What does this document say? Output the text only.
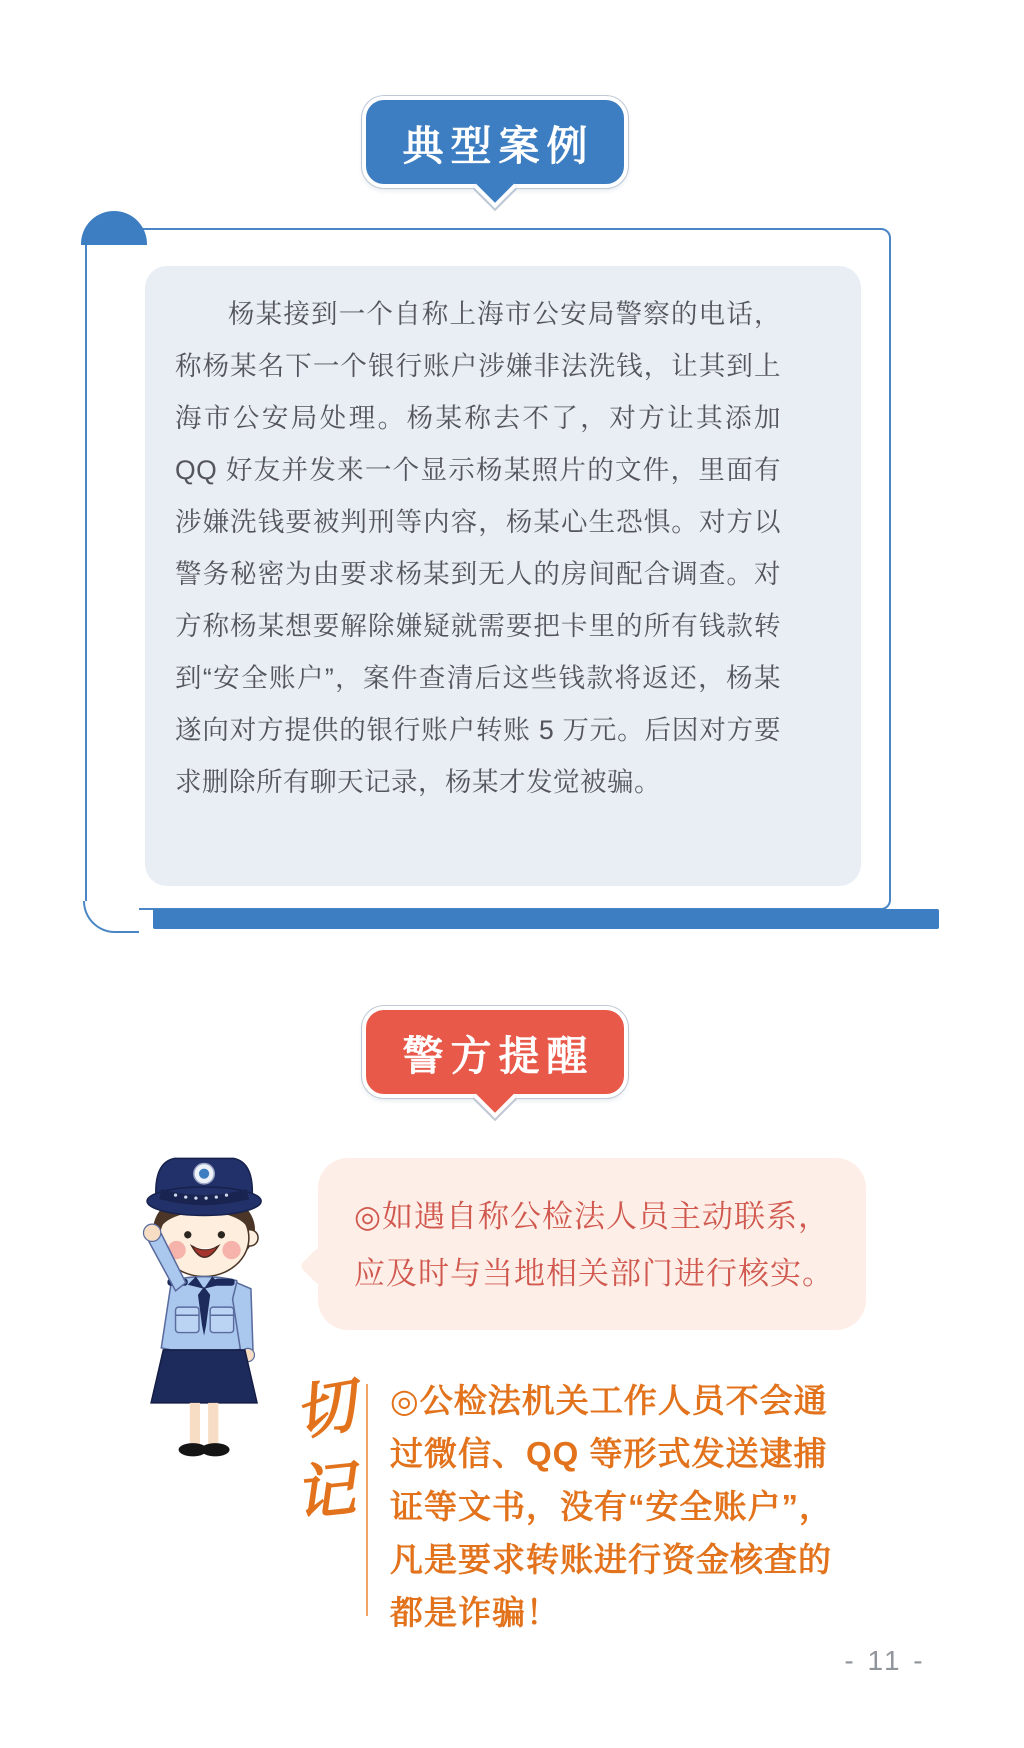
典型案例
杨某接到一个自称上海市公安局警察的电话，称杨某名下一个银行账户涉嫌非法洗钱，让其到上海市公安局处理。杨某称去不了，对方让其添加 QQ 好友并发来一个显示杨某照片的文件，里面有涉嫌洗钱要被判刑等内容，杨某心生恐惧。对方以警务秘密为由要求杨某到无人的房间配合调查。对方称杨某想要解除嫌疑就需要把卡里的所有钱款转到“安全账户”，案件查清后这些钱款将返还，杨某遂向对方提供的银行账户转账 5 万元。后因对方要求删除所有聊天记录，杨某才发觉被骗。
警方提醒
◎如遇自称公检法人员主动联系，
应及时与当地相关部门进行核实。
切
记
◎公检法机关工作人员不会通
过微信、QQ 等形式发送逮捕
证等文书，没有“安全账户”，
凡是要求转账进行资金核查的
都是诈骗！
- 11 -
